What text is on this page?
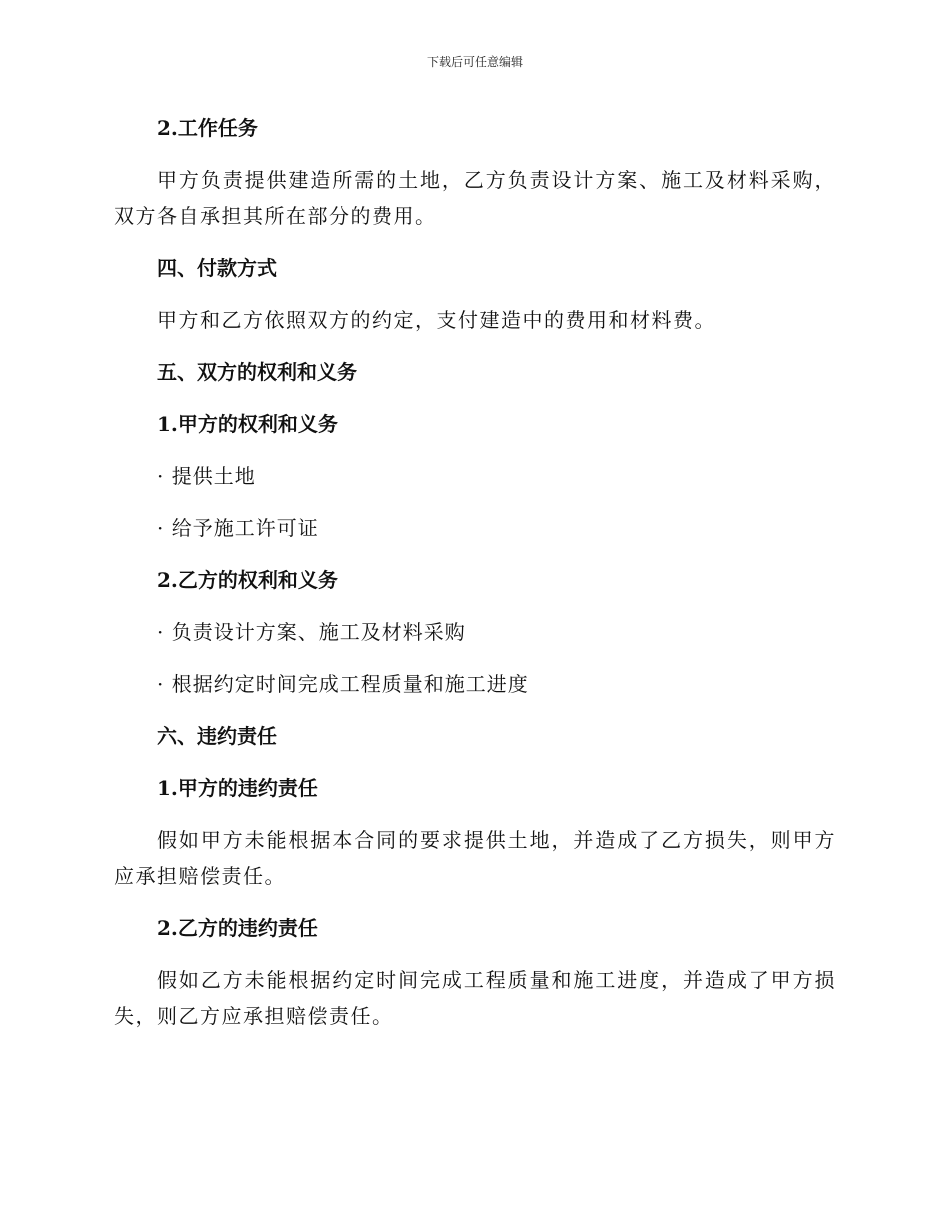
下载后可任意编辑

2.工作任务

甲方负责提供建造所需的土地，乙方负责设计方案、施工及材料采购，双方各自承担其所在部分的费用。

四、付款方式

甲方和乙方依照双方的约定，支付建造中的费用和材料费。

五、双方的权利和义务

1.甲方的权利和义务

· 提供土地

· 给予施工许可证

2.乙方的权利和义务

· 负责设计方案、施工及材料采购

· 根据约定时间完成工程质量和施工进度

六、违约责任

1.甲方的违约责任

假如甲方未能根据本合同的要求提供土地，并造成了乙方损失，则甲方应承担赔偿责任。

2.乙方的违约责任

假如乙方未能根据约定时间完成工程质量和施工进度，并造成了甲方损失，则乙方应承担赔偿责任。
